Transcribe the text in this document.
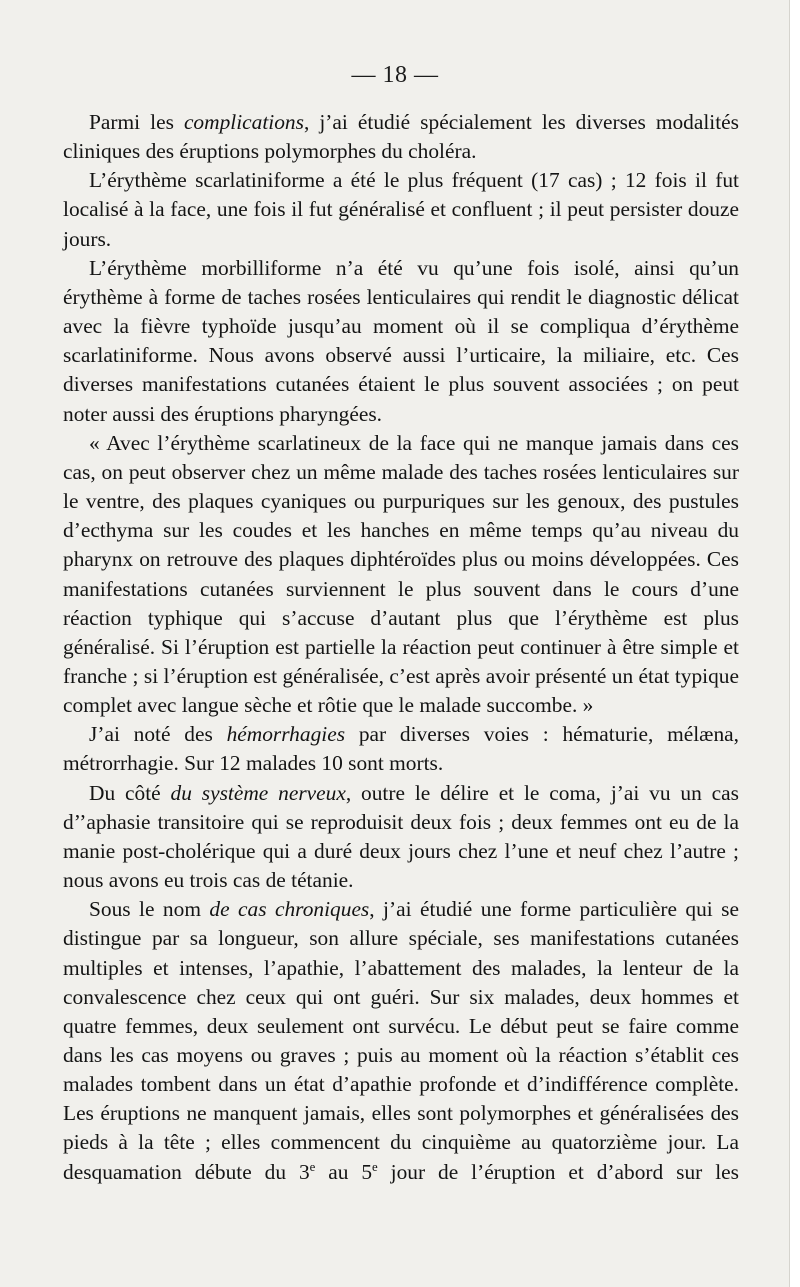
— 18 —

Parmi les complications, j’ai étudié spécialement les diverses modalités cliniques des éruptions polymorphes du choléra.

L’érythème scarlatiniforme a été le plus fréquent (17 cas) ; 12 fois il fut localisé à la face, une fois il fut généralisé et confluent ; il peut persister douze jours.

L’érythème morbilliforme n’a été vu qu’une fois isolé, ainsi qu’un érythème à forme de taches rosées lenticulaires qui rendit le diagnostic délicat avec la fièvre typhoïde jusqu’au moment où il se compliqua d’érythème scarlatiniforme. Nous avons observé aussi l’urticaire, la miliaire, etc. Ces diverses manifestations cutanées étaient le plus souvent associées ; on peut noter aussi des éruptions pharyngées.

« Avec l’érythème scarlatineux de la face qui ne manque jamais dans ces cas, on peut observer chez un même malade des taches rosées lenticulaires sur le ventre, des plaques cyaniques ou purpuriques sur les genoux, des pustules d’ecthyma sur les coudes et les hanches en même temps qu’au niveau du pharynx on retrouve des plaques diphtéroïdes plus ou moins développées. Ces manifestations cutanées surviennent le plus souvent dans le cours d’une réaction typhique qui s’accuse d’autant plus que l’érythème est plus généralisé. Si l’éruption est partielle la réaction peut continuer à être simple et franche ; si l’éruption est généralisée, c’est après avoir présenté un état typique complet avec langue sèche et rôtie que le malade succombe. »

J’ai noté des hémorrhagies par diverses voies : hématurie, mélæna, métrorrhagie. Sur 12 malades 10 sont morts.

Du côté du système nerveux, outre le délire et le coma, j’ai vu un cas d’’aphasie transitoire qui se reproduisit deux fois ; deux femmes ont eu de la manie post-cholérique qui a duré deux jours chez l’une et neuf chez l’autre ; nous avons eu trois cas de tétanie.

Sous le nom de cas chroniques, j’ai étudié une forme particulière qui se distingue par sa longueur, son allure spéciale, ses manifestations cutanées multiples et intenses, l’apathie, l’abattement des malades, la lenteur de la convalescence chez ceux qui ont guéri. Sur six malades, deux hommes et quatre femmes, deux seulement ont survécu. Le début peut se faire comme dans les cas moyens ou graves ; puis au moment où la réaction s’établit ces malades tombent dans un état d’apathie profonde et d’indifférence complète. Les éruptions ne manquent jamais, elles sont polymorphes et généralisées des pieds à la tête ; elles commencent du cinquième au quatorzième jour. La desquamation débute du 3e au 5e jour de l’éruption et d’abord sur les
